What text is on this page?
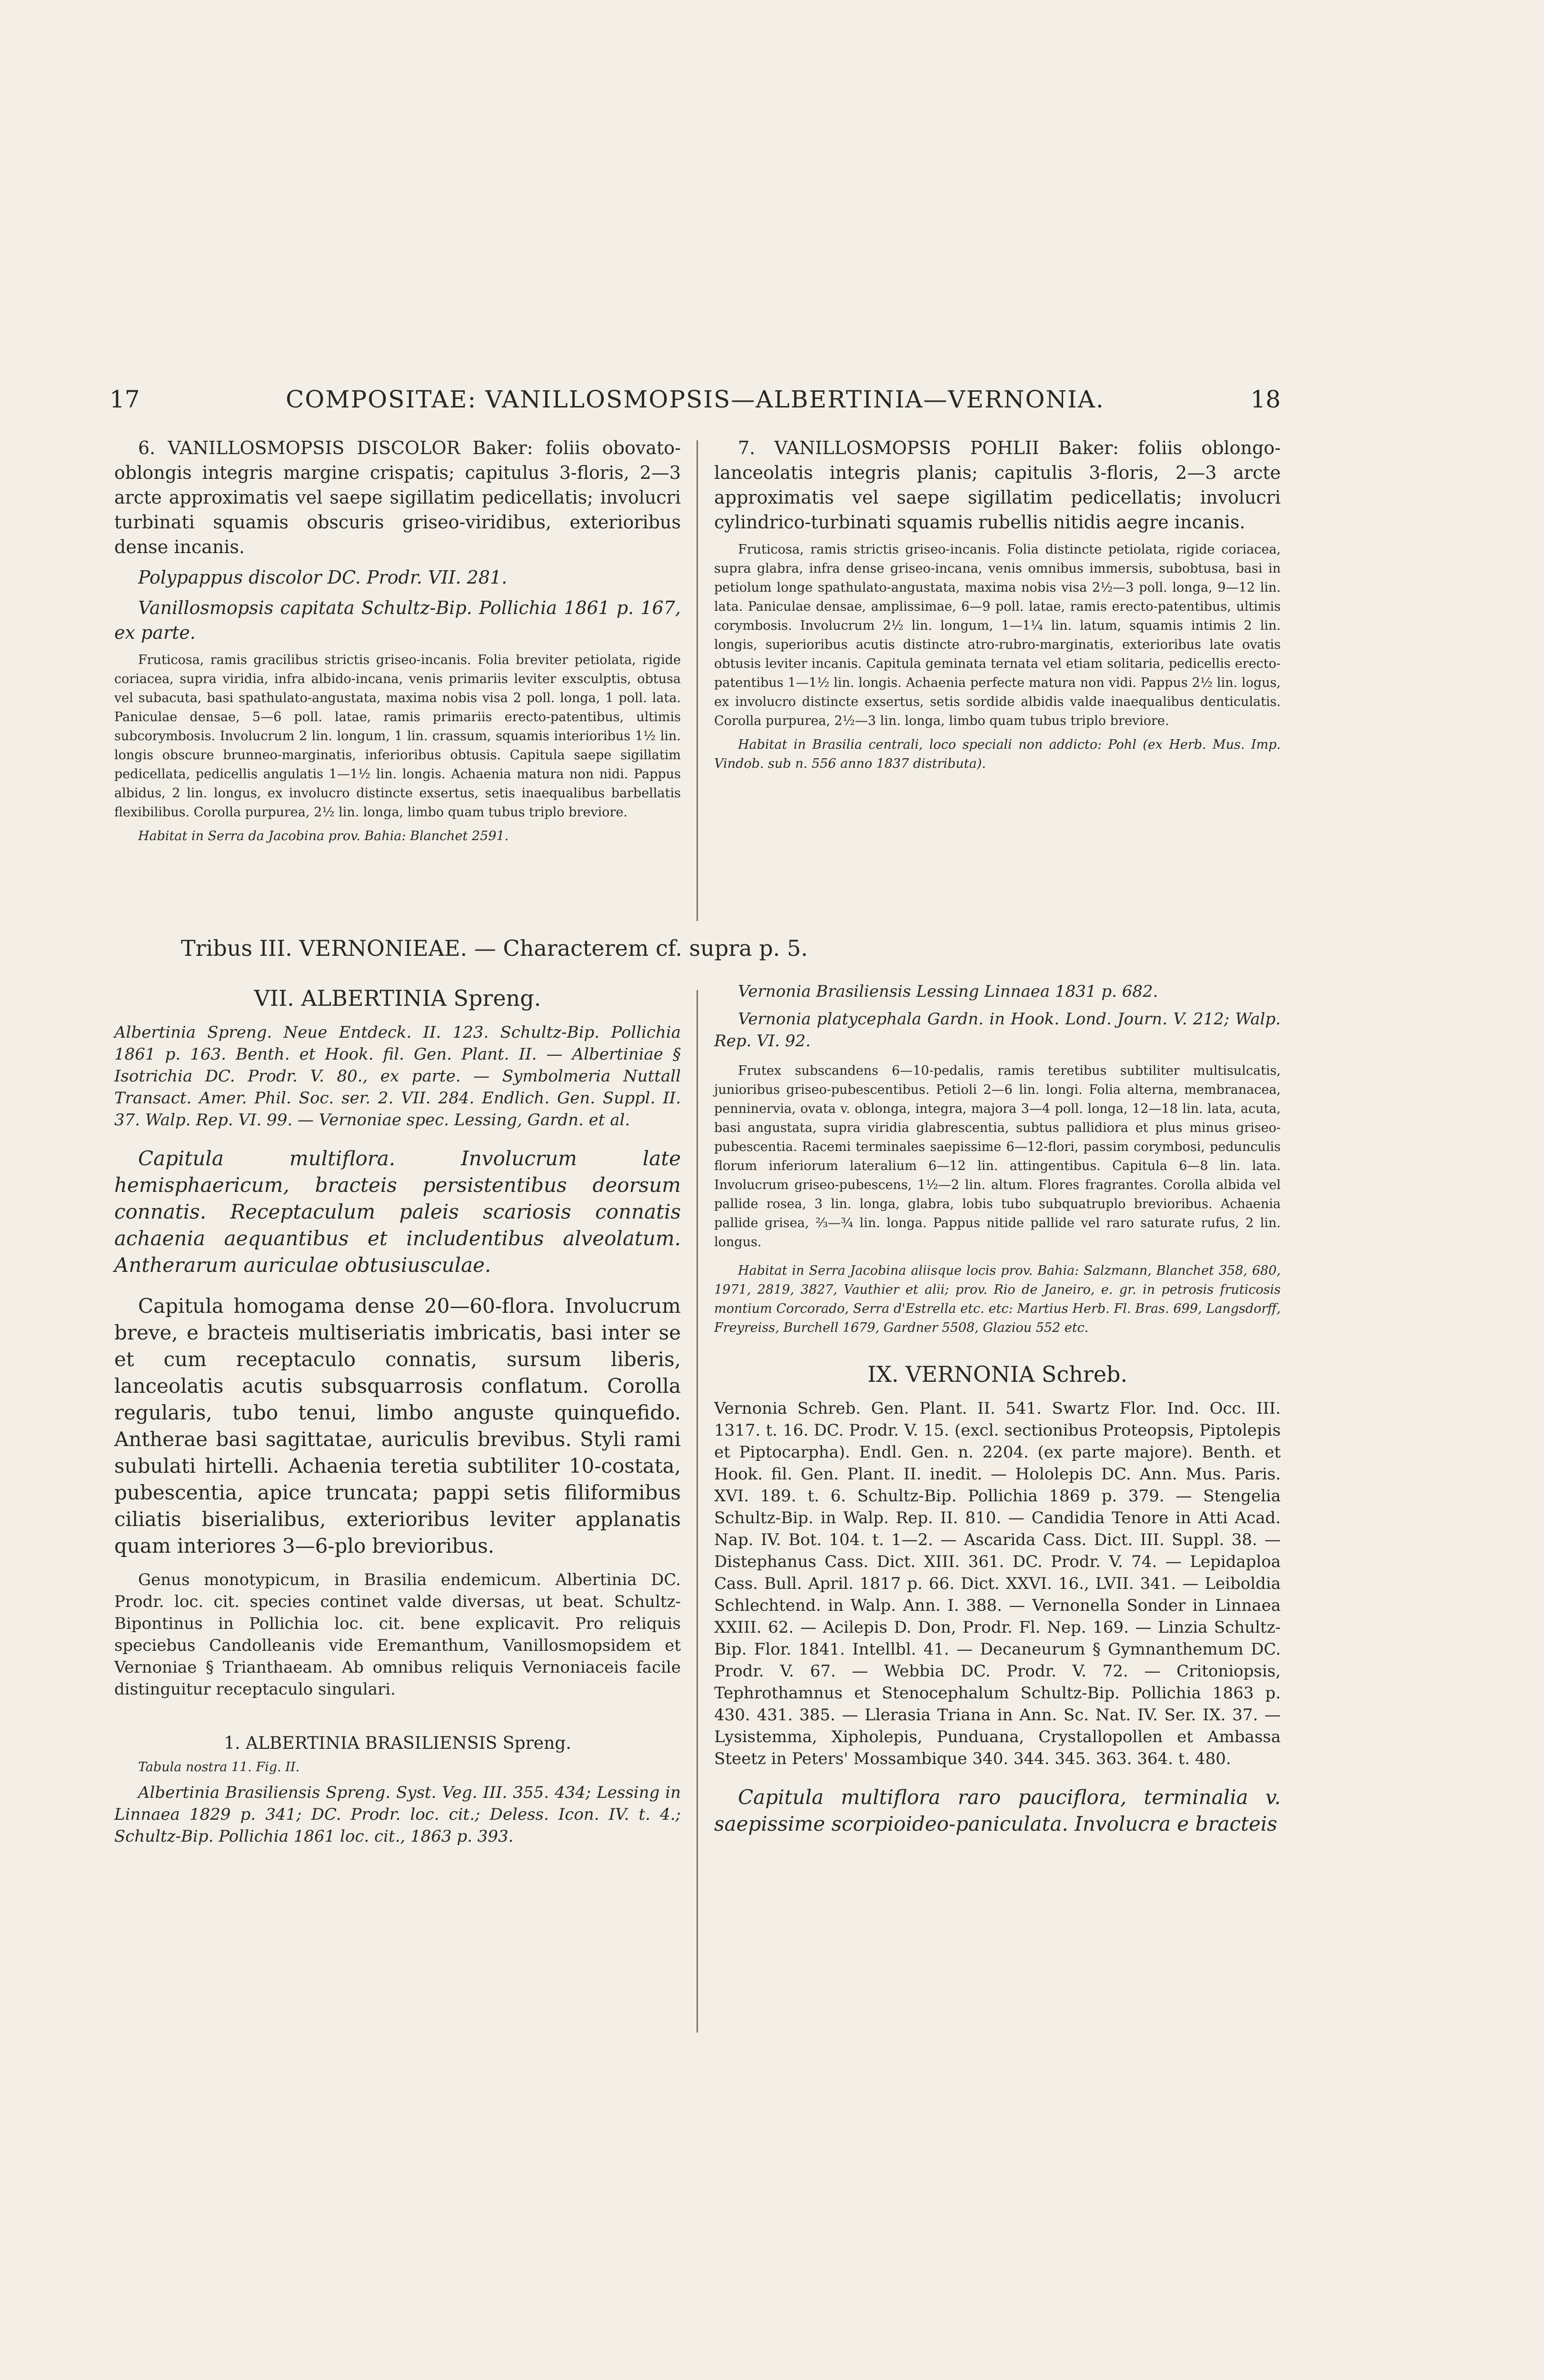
17	COMPOSITAE: VANILLOSMOPSIS—ALBERTINIA—VERNONIA.	18

6. VANILLOSMOPSIS DISCOLOR Baker: foliis obovato-oblongis integris margine crispatis; capitulus 3-floris, 2—3 arcte approximatis vel saepe sigillatim pedicellatis; involucri turbinati squamis obscuris griseo-viridibus, exterioribus dense incanis.

Polypappus discolor DC. Prodr. VII. 281.

Vanillosmopsis capitata Schultz-Bip. Pollichia 1861 p. 167, ex parte.

Fruticosa, ramis gracilibus strictis griseo-incanis. Folia breviter petiolata, rigide coriacea, supra viridia, infra albido-incana, venis primariis leviter exsculptis, obtusa vel subacuta, basi spathulato-angustata, maxima nobis visa 2 poll. longa, 1 poll. lata. Paniculae densae, 5—6 poll. latae, ramis primariis erecto-patentibus, ultimis subcorymbosis. Involucrum 2 lin. longum, 1 lin. crassum, squamis interioribus 1½ lin. longis obscure brunneo-marginatis, inferioribus obtusis. Capitula saepe sigillatim pedicellata, pedicellis angulatis 1—1½ lin. longis. Achaenia matura non nidi. Pappus albidus, 2 lin. longus, ex involucro distincte exsertus, setis inaequalibus barbellatis flexibilibus. Corolla purpurea, 2½ lin. longa, limbo quam tubus triplo breviore.

Habitat in Serra da Jacobina prov. Bahia: Blanchet 2591.

7. VANILLOSMOPSIS POHLII Baker: foliis oblongo-lanceolatis integris planis; capitulis 3-floris, 2—3 arcte approximatis vel saepe sigillatim pedicellatis; involucri cylindrico-turbinati squamis rubellis nitidis aegre incanis.

Fruticosa, ramis strictis griseo-incanis. Folia distincte petiolata, rigide coriacea, supra glabra, infra dense griseo-incana, venis omnibus immersis, subobtusa, basi in petiolum longe spathulato-angustata, maxima nobis visa 2½—3 poll. longa, 9—12 lin. lata. Paniculae densae, amplissimae, 6—9 poll. latae, ramis erecto-patentibus, ultimis corymbosis. Involucrum 2½ lin. longum, 1—1¼ lin. latum, squamis intimis 2 lin. longis, superioribus acutis distincte atro-rubro-marginatis, exterioribus late ovatis obtusis leviter incanis. Capitula geminata ternata vel etiam solitaria, pedicellis erecto-patentibus 1—1½ lin. longis. Achaenia perfecte matura non vidi. Pappus 2½ lin. logus, ex involucro distincte exsertus, setis sordide albidis valde inaequalibus denticulatis. Corolla purpurea, 2½—3 lin. longa, limbo quam tubus triplo breviore.

Habitat in Brasilia centrali, loco speciali non addicto: Pohl (ex Herb. Mus. Imp. Vindob. sub n. 556 anno 1837 distributa).

Tribus III. VERNONIEAE. — Characterem cf. supra p. 5.
VII. ALBERTINIA Spreng.

Albertinia Spreng. Neue Entdeck. II. 123. Schultz-Bip. Pollichia 1861 p. 163. Benth. et Hook. fil. Gen. Plant. II. — Albertiniae § Isotrichia DC. Prodr. V. 80., ex parte. — Symbolmeria Nuttall Transact. Amer. Phil. Soc. ser. 2. VII. 284. Endlich. Gen. Suppl. II. 37. Walp. Rep. VI. 99. — Vernoniae spec. Lessing, Gardn. et al.

Capitula multiflora. Involucrum late hemisphaericum, bracteis persistentibus deorsum connatis. Receptaculum paleis scariosis connatis achaenia aequantibus et includentibus alveolatum. Antherarum auriculae obtusiusculae.

Capitula homogama dense 20—60-flora. Involucrum breve, e bracteis multiseriatis imbricatis, basi inter se et cum receptaculo connatis, sursum liberis, lanceolatis acutis subsquarrosis conflatum. Corolla regularis, tubo tenui, limbo anguste quinquefido. Antherae basi sagittatae, auriculis brevibus. Styli rami subulati hirtelli. Achaenia teretia subtiliter 10-costata, pubescentia, apice truncata; pappi setis filiformibus ciliatis biserialibus, exterioribus leviter applanatis quam interiores 3—6-plo brevioribus.

Genus monotypicum, in Brasilia endemicum. Albertinia DC. Prodr. loc. cit. species continet valde diversas, ut beat. Schultz-Bipontinus in Pollichia loc. cit. bene explicavit. Pro reliquis speciebus Candolleanis vide Eremanthum, Vanillosmopsidem et Vernoniae § Trianthaeam. Ab omnibus reliquis Vernoniaceis facile distinguitur receptaculo singulari.

1. ALBERTINIA BRASILIENSIS Spreng.

Tabula nostra 11. Fig. II.

Albertinia Brasiliensis Spreng. Syst. Veg. III. 355. 434; Lessing in Linnaea 1829 p. 341; DC. Prodr. loc. cit.; Deless. Icon. IV. t. 4.; Schultz-Bip. Pollichia 1861 loc. cit., 1863 p. 393.

Vernonia Brasiliensis Lessing Linnaea 1831 p. 682.

Vernonia platycephala Gardn. in Hook. Lond. Journ. V. 212; Walp. Rep. VI. 92.

Frutex subscandens 6—10-pedalis, ramis teretibus subtiliter multisulcatis, junioribus griseo-pubescentibus. Petioli 2—6 lin. longi. Folia alterna, membranacea, penninervia, ovata v. oblonga, integra, majora 3—4 poll. longa, 12—18 lin. lata, acuta, basi angustata, supra viridia glabrescentia, subtus pallidiora et plus minus griseo-pubescentia. Racemi terminales saepissime 6—12-flori, passim corymbosi, pedunculis florum inferiorum lateralium 6—12 lin. attingentibus. Capitula 6—8 lin. lata. Involucrum griseo-pubescens, 1½—2 lin. altum. Flores fragrantes. Corolla albida vel pallide rosea, 3 lin. longa, glabra, lobis tubo subquatruplo brevioribus. Achaenia pallide grisea, ⅔—¾ lin. longa. Pappus nitide pallide vel raro saturate rufus, 2 lin. longus.

Habitat in Serra Jacobina aliisque locis prov. Bahia: Salzmann, Blanchet 358, 680, 1971, 2819, 3827, Vauthier et alii; prov. Rio de Janeiro, e. gr. in petrosis fruticosis montium Corcorado, Serra d'Estrella etc. etc: Martius Herb. Fl. Bras. 699, Langsdorff, Freyreiss, Burchell 1679, Gardner 5508, Glaziou 552 etc.

IX. VERNONIA Schreb.

Vernonia Schreb. Gen. Plant. II. 541. Swartz Flor. Ind. Occ. III. 1317. t. 16. DC. Prodr. V. 15. (excl. sectionibus Proteopsis, Piptolepis et Piptocarpha). Endl. Gen. n. 2204. (ex parte majore). Benth. et Hook. fil. Gen. Plant. II. inedit. — Hololepis DC. Ann. Mus. Paris. XVI. 189. t. 6. Schultz-Bip. Pollichia 1869 p. 379. — Stengelia Schultz-Bip. in Walp. Rep. II. 810. — Candidia Tenore in Atti Acad. Nap. IV. Bot. 104. t. 1—2. — Ascarida Cass. Dict. III. Suppl. 38. — Distephanus Cass. Dict. XIII. 361. DC. Prodr. V. 74. — Lepidaploa Cass. Bull. April. 1817 p. 66. Dict. XXVI. 16., LVII. 341. — Leiboldia Schlechtend. in Walp. Ann. I. 388. — Vernonella Sonder in Linnaea XXIII. 62. — Acilepis D. Don, Prodr. Fl. Nep. 169. — Linzia Schultz-Bip. Flor. 1841. Intellbl. 41. — Decaneurum § Gymnanthemum DC. Prodr. V. 67. — Webbia DC. Prodr. V. 72. — Critoniopsis, Tephrothamnus et Stenocephalum Schultz-Bip. Pollichia 1863 p. 430. 431. 385. — Llerasia Triana in Ann. Sc. Nat. IV. Ser. IX. 37. — Lysistemma, Xipholepis, Punduana, Crystallopollen et Ambassa Steetz in Peters' Mossambique 340. 344. 345. 363. 364. t. 480.

Capitula multiflora raro pauciflora, terminalia v. saepissime scorpioideo-paniculata. Involucra e bracteis
